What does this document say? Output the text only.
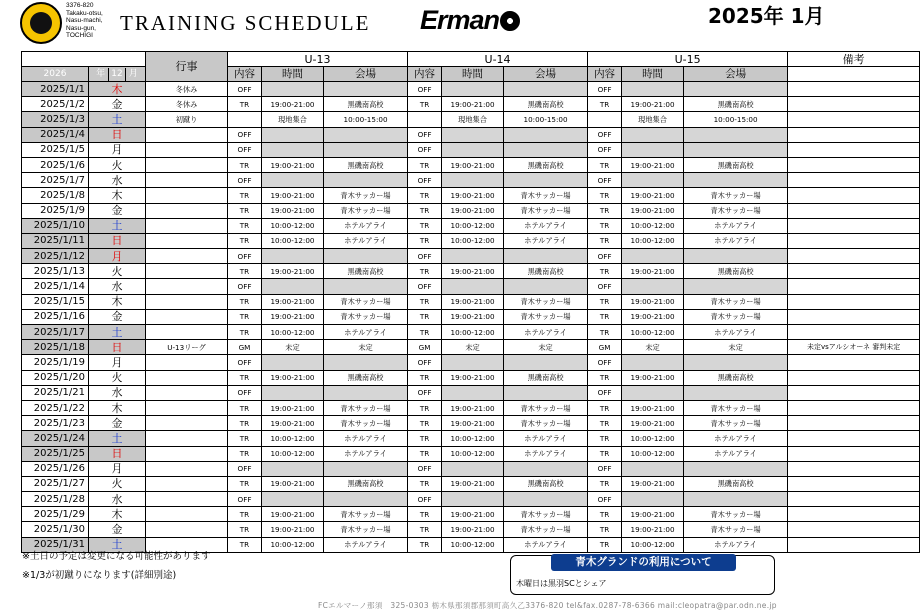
3376-820
Takaku-otsu,
Nasu-machi,
Nasu-gun,
TOCHIGI
TRAINING SCHEDULE Erman	2025年 1月
		行事	U-13			U-14			U-15			備考
2026	年 12 月		内容	時間	会場	内容	時間	会場	内容	時間	会場	
2025/1/1	木	冬休み	OFF			OFF			OFF			
2025/1/2	金	冬休み	TR	19:00-21:00	黒磯南高校	TR	19:00-21:00	黒磯南高校	TR	19:00-21:00	黒磯南高校	
2025/1/3	土	初蹴り		現地集合	10:00-15:00		現地集合	10:00-15:00		現地集合	10:00-15:00	
2025/1/4	日		OFF			OFF			OFF			
2025/1/5	月		OFF			OFF			OFF			
2025/1/6	火		TR	19:00-21:00	黒磯南高校	TR	19:00-21:00	黒磯南高校	TR	19:00-21:00	黒磯南高校	
2025/1/7	水		OFF			OFF			OFF			
2025/1/8	木		TR	19:00-21:00	青木サッカー場	TR	19:00-21:00	青木サッカー場	TR	19:00-21:00	青木サッカー場	
2025/1/9	金		TR	19:00-21:00	青木サッカー場	TR	19:00-21:00	青木サッカー場	TR	19:00-21:00	青木サッカー場	
2025/1/10	土		TR	10:00-12:00	ホテルアライ	TR	10:00-12:00	ホテルアライ	TR	10:00-12:00	ホテルアライ	
2025/1/11	日		TR	10:00-12:00	ホテルアライ	TR	10:00-12:00	ホテルアライ	TR	10:00-12:00	ホテルアライ	
2025/1/12	月		OFF			OFF			OFF			
2025/1/13	火		TR	19:00-21:00	黒磯南高校	TR	19:00-21:00	黒磯南高校	TR	19:00-21:00	黒磯南高校	
2025/1/14	水		OFF			OFF			OFF			
2025/1/15	木		TR	19:00-21:00	青木サッカー場	TR	19:00-21:00	青木サッカー場	TR	19:00-21:00	青木サッカー場	
2025/1/16	金		TR	19:00-21:00	青木サッカー場	TR	19:00-21:00	青木サッカー場	TR	19:00-21:00	青木サッカー場	
2025/1/17	土		TR	10:00-12:00	ホテルアライ	TR	10:00-12:00	ホテルアライ	TR	10:00-12:00	ホテルアライ	
2025/1/18	日	U-13リーグ	GM	未定	未定	GM	未定	未定	GM	未定	未定	未定vsアルシオーネ 審判未定
2025/1/19	月		OFF			OFF			OFF			
2025/1/20	火		TR	19:00-21:00	黒磯南高校	TR	19:00-21:00	黒磯南高校	TR	19:00-21:00	黒磯南高校	
2025/1/21	水		OFF			OFF			OFF			
2025/1/22	木		TR	19:00-21:00	青木サッカー場	TR	19:00-21:00	青木サッカー場	TR	19:00-21:00	青木サッカー場	
2025/1/23	金		TR	19:00-21:00	青木サッカー場	TR	19:00-21:00	青木サッカー場	TR	19:00-21:00	青木サッカー場	
2025/1/24	土		TR	10:00-12:00	ホテルアライ	TR	10:00-12:00	ホテルアライ	TR	10:00-12:00	ホテルアライ	
2025/1/25	日		TR	10:00-12:00	ホテルアライ	TR	10:00-12:00	ホテルアライ	TR	10:00-12:00	ホテルアライ	
2025/1/26	月		OFF			OFF			OFF			
2025/1/27	火		TR	19:00-21:00	黒磯南高校	TR	19:00-21:00	黒磯南高校	TR	19:00-21:00	黒磯南高校	
2025/1/28	水		OFF			OFF			OFF			
2025/1/29	木		TR	19:00-21:00	青木サッカー場	TR	19:00-21:00	青木サッカー場	TR	19:00-21:00	青木サッカー場	
2025/1/30	金		TR	19:00-21:00	青木サッカー場	TR	19:00-21:00	青木サッカー場	TR	19:00-21:00	青木サッカー場	
2025/1/31	土		TR	10:00-12:00	ホテルアライ	TR	10:00-12:00	ホテルアライ	TR	10:00-12:00	ホテルアライ	
※土日の予定は変更になる可能性があります
※1/3が初蹴りになります(詳細別途)
青木グランドの利用について
木曜日は黒羽SCとシェア
FCエルマーノ那須　325-0303 栃木県那須郡那須町高久乙3376-820 tel&fax.0287-78-6366 mail:cleopatra@par.odn.ne.jp
